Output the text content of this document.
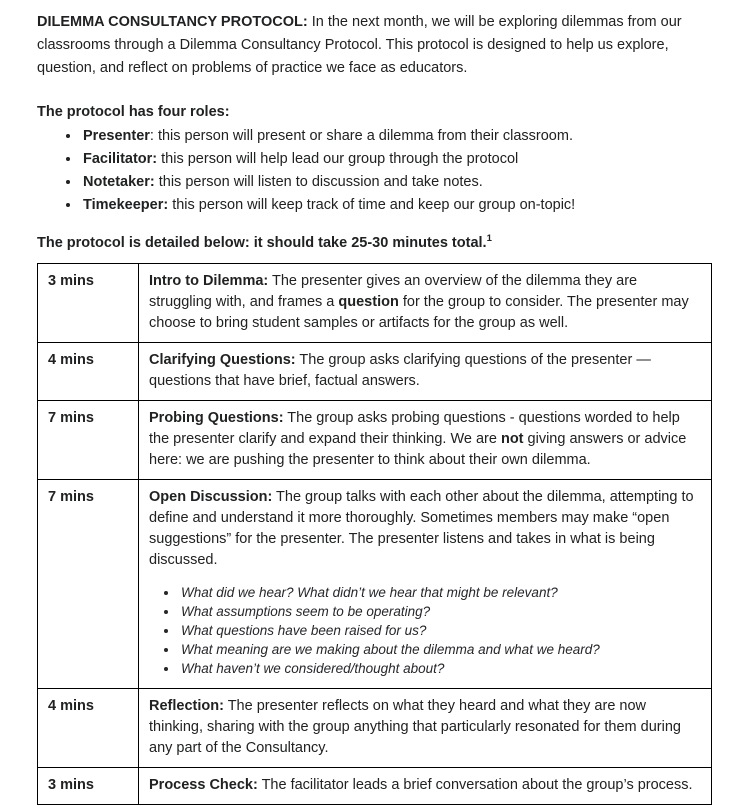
DILEMMA CONSULTANCY PROTOCOL: In the next month, we will be exploring dilemmas from our classrooms through a Dilemma Consultancy Protocol. This protocol is designed to help us explore, question, and reflect on problems of practice we face as educators.

The protocol has four roles:

• Presenter: this person will present or share a dilemma from their classroom.
• Facilitator: this person will help lead our group through the protocol
• Notetaker: this person will listen to discussion and take notes.
• Timekeeper: this person will keep track of time and keep our group on-topic!

The protocol is detailed below: it should take 25-30 minutes total.$^1$

3 mins	Intro to Dilemma: The presenter gives an overview of the dilemma they are struggling with, and frames a question for the group to consider. The presenter may choose to bring student samples or artifacts for the group as well.
4 mins	Clarifying Questions: The group asks clarifying questions of the presenter — questions that have brief, factual answers.
7 mins	Probing Questions: The group asks probing questions - questions worded to help the presenter clarify and expand their thinking. We are not giving answers or advice here: we are pushing the presenter to think about their own dilemma.
7 mins	Open Discussion: The group talks with each other about the dilemma, attempting to define and understand it more thoroughly. Sometimes members may make “open suggestions” for the presenter. The presenter listens and takes in what is being discussed.
• What did we hear? What didn’t we hear that might be relevant?
• What assumptions seem to be operating?
• What questions have been raised for us?
• What meaning are we making about the dilemma and what we heard?
• What haven’t we considered/thought about?

4 mins	Reflection: The presenter reflects on what they heard and what they are now thinking, sharing with the group anything that particularly resonated for them during any part of the Consultancy.
3 mins	Process Check: The facilitator leads a brief conversation about the group’s process.
